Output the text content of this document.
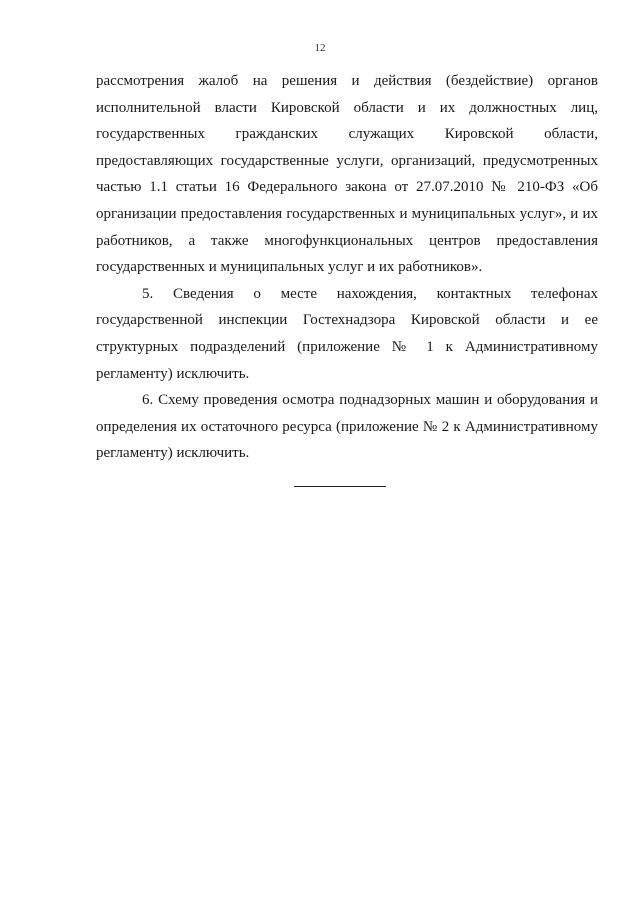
12

рассмотрения жалоб на решения и действия (бездействие) органов исполнительной власти Кировской области и их должностных лиц, государственных гражданских служащих Кировской области, предоставляющих государственные услуги, организаций, предусмотренных частью 1.1 статьи 16 Федерального закона от 27.07.2010 № 210-ФЗ «Об организации предоставления государственных и муниципальных услуг», и их работников, а также многофункциональных центров предоставления государственных и муниципальных услуг и их работников».

5. Сведения о месте нахождения, контактных телефонах государственной инспекции Гостехнадзора Кировской области и ее структурных подразделений (приложение № 1 к Административному регламенту) исключить.

6. Схему проведения осмотра поднадзорных машин и оборудования и определения их остаточного ресурса (приложение № 2 к Административному регламенту) исключить.
